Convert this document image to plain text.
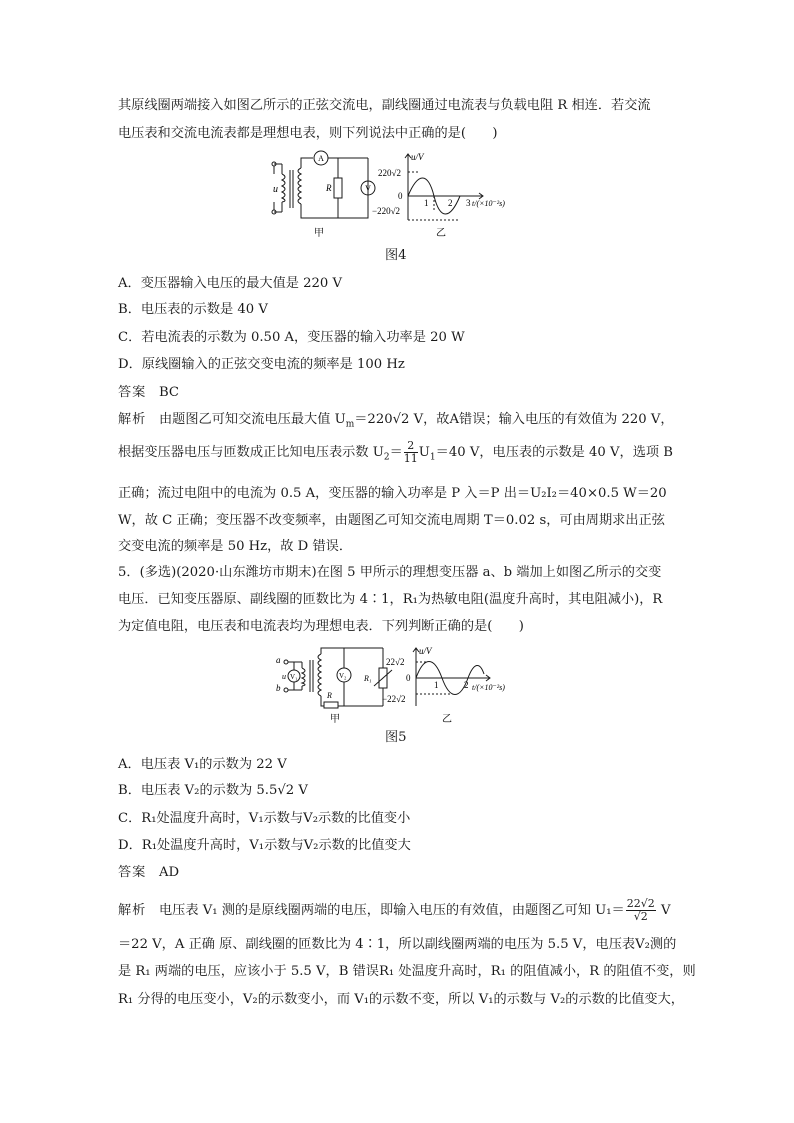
其原线圈两端接入如图乙所示的正弦交流电，副线圈通过电流表与负载电阻 R 相连．若交流
电压表和交流电流表都是理想电表，则下列说法中正确的是(　　)
u
A
R	V
甲
u/V
220√2
0
−220√2
1 2 3 t/(×10⁻²s)
乙
图4
A．变压器输入电压的最大值是 220 V
B．电压表的示数是 40 V
C．若电流表的示数为 0.50 A，变压器的输入功率是 20 W
D．原线圈输入的正弦交变电流的频率是 100 Hz
答案 BC
解析 由题图乙可知交流电压最大值 $U_m=220√2$ V，故A错误；输入电压的有效值为 220 V，
根据变压器电压与匝数成正比知电压表示数 $U_2= \frac{2}{11} U_1=40$ V，电压表的示数是 40 V，选项 B
正确；流过电阻中的电流为 0.5 A，变压器的输入功率是 P 入＝P 出＝U₂I₂＝40×0.5 W＝20
W，故 C 正确；变压器不改变频率，由题图乙可知交流电周期 T＝0.02 s，可由周期求出正弦
交变电流的频率是 50 Hz，故 D 错误．
5．(多选)(2020·山东潍坊市期末)在图 5 甲所示的理想变压器 a、b 端加上如图乙所示的交变
电压．已知变压器原、副线圈的匝数比为 4∶1，R₁为热敏电阻(温度升高时，其电阻减小)，R
为定值电阻，电压表和电流表均为理想电表．下列判断正确的是(　　)
a
b
u V₁	V₂
R
R₁
甲
u/V
22√2
0
−22√2
1	2 t/(×10⁻²s)
乙
图5
A．电压表 V₁的示数为 22 V
B．电压表 V₂的示数为 5.5√2 V
C．R₁处温度升高时，V₁示数与V₂示数的比值变小
D．R₁处温度升高时，V₁示数与V₂示数的比值变大
答案 AD
解析 电压表 V₁ 测的是原线圈两端的电压，即输入电压的有效值，由题图乙可知 $U_1= \frac{22√2}{√2}$ V
＝22 V，A 正确 原、副线圈的匝数比为 4∶1，所以副线圈两端的电压为 5.5 V，电压表V₂测的
是 R₁ 两端的电压，应该小于 5.5 V，B 错误R₁ 处温度升高时，R₁ 的阻值减小，R 的阻值不变，则
R₁ 分得的电压变小，V₂的示数变小，而 V₁的示数不变，所以 V₁的示数与 V₂的示数的比值变大，
